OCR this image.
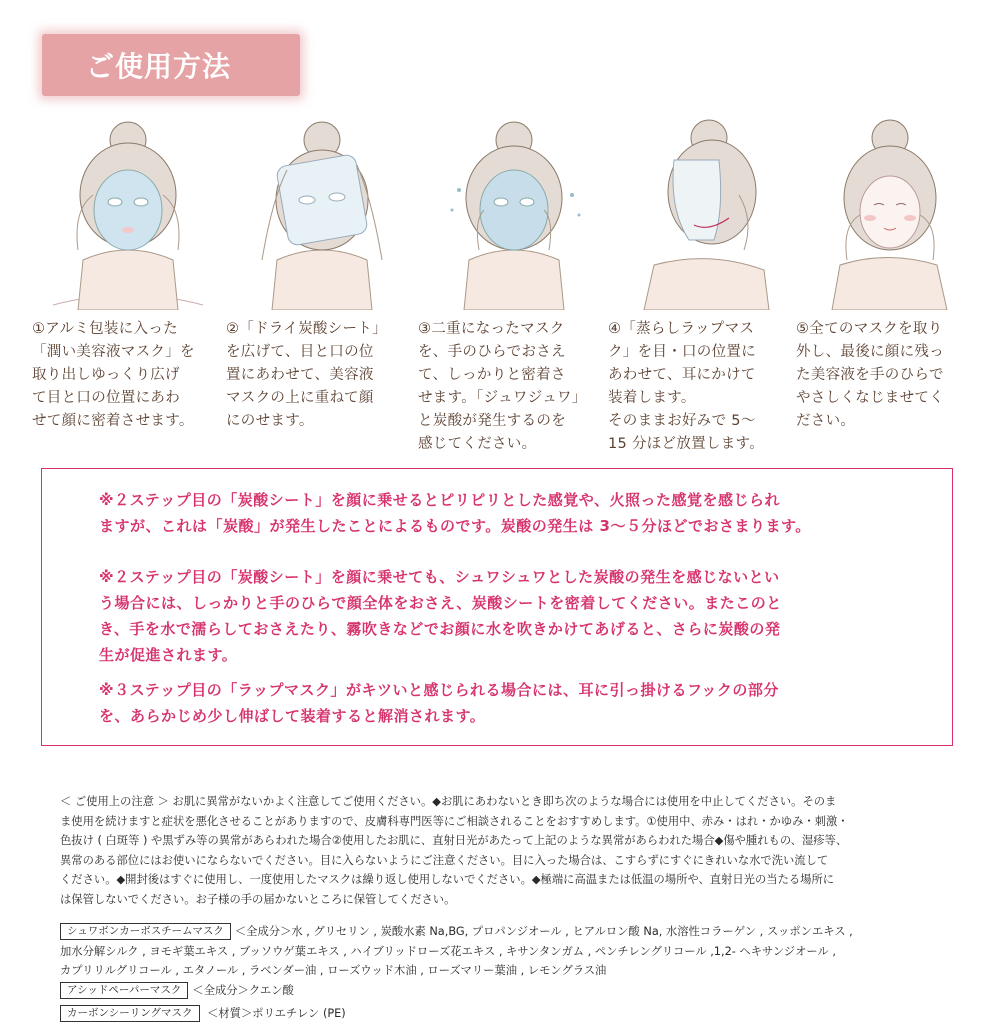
ご使用方法
①アルミ包装に入った
「潤い美容液マスク」を
取り出しゆっくり広げ
て目と口の位置にあわ
せて顔に密着させます。
②「ドライ炭酸シート」
を広げて、目と口の位
置にあわせて、美容液
マスクの上に重ねて顔
にのせます。
③二重になったマスク
を、手のひらでおさえ
て、しっかりと密着さ
せます。「ジュワジュワ」
と炭酸が発生するのを
感じてください。
④「蒸らしラップマス
ク」を目・口の位置に
あわせて、耳にかけて
装着します。
そのままお好みで 5～
15 分ほど放置します。
⑤全てのマスクを取り
外し、最後に顔に残っ
た美容液を手のひらで
やさしくなじませてく
ださい。

※２ステップ目の「炭酸シート」を顔に乗せるとピリピリとした感覚や、火照った感覚を感じられ
ますが、これは「炭酸」が発生したことによるものです。炭酸の発生は 3～５分ほどでおさまります。

※２ステップ目の「炭酸シート」を顔に乗せても、シュワシュワとした炭酸の発生を感じないとい
う場合には、しっかりと手のひらで顔全体をおさえ、炭酸シートを密着してください。またこのと
き、手を水で濡らしておさえたり、霧吹きなどでお顔に水を吹きかけてあげると、さらに炭酸の発
生が促進されます。

※３ステップ目の「ラップマスク」がキツいと感じられる場合には、耳に引っ掛けるフックの部分
を、あらかじめ少し伸ばして装着すると解消されます。

＜ ご使用上の注意 ＞ お肌に異常がないかよく注意してご使用ください。◆お肌にあわないとき即ち次のような場合には使用を中止してください。そのま
ま使用を続けますと症状を悪化させることがありますので、皮膚科専門医等にご相談されることをおすすめします。①使用中、赤み・はれ・かゆみ・刺激・
色抜け ( 白斑等 ) や黒ずみ等の異常があらわれた場合②使用したお肌に、直射日光があたって上記のような異常があらわれた場合◆傷や腫れもの、湿疹等、
異常のある部位にはお使いにならないでください。目に入らないようにご注意ください。目に入った場合は、こすらずにすぐにきれいな水で洗い流して
ください。◆開封後はすぐに使用し、一度使用したマスクは繰り返し使用しないでください。◆極端に高温または低温の場所や、直射日光の当たる場所に
は保管しないでください。お子様の手の届かないところに保管してください。
シュワボンカーボスチームマスク ＜全成分＞水 , グリセリン , 炭酸水素 Na,BG, プロパンジオール , ヒアルロン酸 Na, 水溶性コラーゲン , スッポンエキス ,
加水分解シルク , ヨモギ葉エキス , ブッソウゲ葉エキス , ハイブリッドローズ花エキス , キサンタンガム , ペンチレングリコール ,1,2- ヘキサンジオール ,
カプリリルグリコール , エタノール , ラベンダー油 , ローズウッド木油 , ローズマリー葉油 , レモングラス油
アシッドペーパーマスク ＜全成分＞クエン酸
カーボンシーリングマスク ＜材質＞ポリエチレン (PE)
